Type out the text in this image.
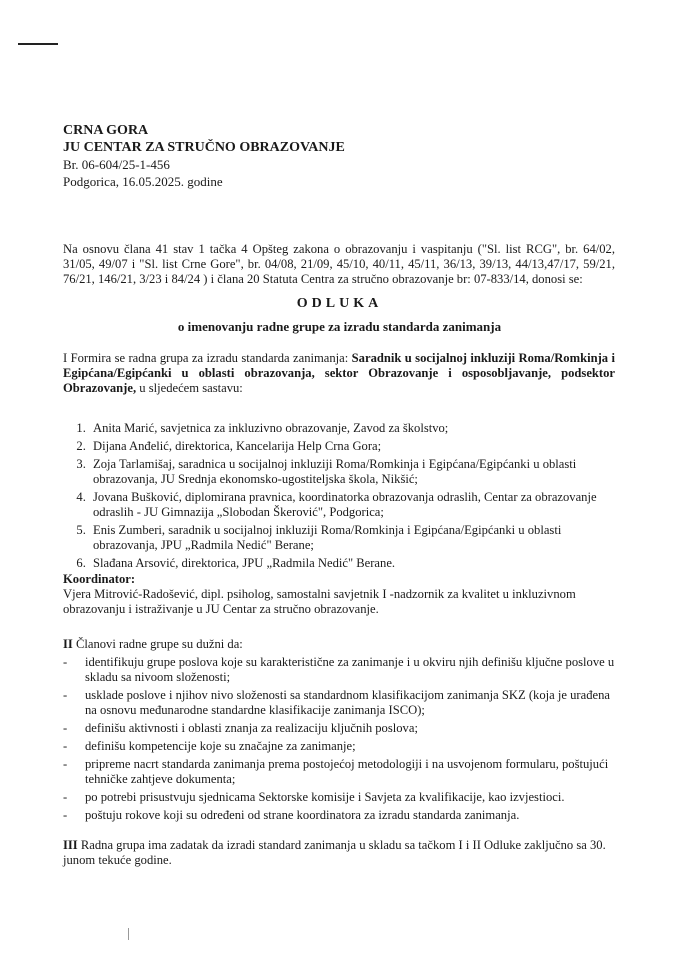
CRNA GORA
JU CENTAR ZA STRUČNO OBRAZOVANJE
Br. 06-604/25-1-456
Podgorica, 16.05.2025. godine
Na osnovu člana 41 stav 1 tačka 4 Opšteg zakona o obrazovanju i vaspitanju ("Sl. list RCG", br. 64/02, 31/05, 49/07 i "Sl. list Crne Gore", br. 04/08, 21/09, 45/10, 40/11, 45/11, 36/13, 39/13, 44/13,47/17, 59/21, 76/21, 146/21, 3/23 i 84/24 ) i člana 20 Statuta Centra za stručno obrazovanje br: 07-833/14, donosi se:
ODLUKA
o imenovanju radne grupe za izradu standarda zanimanja
I Formira se radna grupa za izradu standarda zanimanja: Saradnik u socijalnoj inkluziji Roma/Romkinja i Egipćana/Egipćanki u oblasti obrazovanja, sektor Obrazovanje i osposobljavanje, podsektor Obrazovanje, u sljedećem sastavu:
1. Anita Marić, savjetnica za inkluzivno obrazovanje, Zavod za školstvo;
2. Dijana Anđelić, direktorica, Kancelarija Help Crna Gora;
3. Zoja Tarlamišaj, saradnica u socijalnoj inkluziji Roma/Romkinja i Egipćana/Egipćanki u oblasti obrazovanja, JU Srednja ekonomsko-ugostiteljska škola, Nikšić;
4. Jovana Bušković, diplomirana pravnica, koordinatorka obrazovanja odraslih, Centar za obrazovanje odraslih - JU Gimnazija „Slobodan Škerović", Podgorica;
5. Enis Zumberi, saradnik u socijalnoj inkluziji Roma/Romkinja i Egipćana/Egipćanki u oblasti obrazovanja, JPU „Radmila Nedić" Berane;
6. Slađana Arsović, direktorica, JPU „Radmila Nedić" Berane.
Koordinator:
Vjera Mitrović-Radošević, dipl. psiholog, samostalni savjetnik I -nadzornik za kvalitet u inkluzivnom obrazovanju i istraživanje u JU Centar za stručno obrazovanje.
II Članovi radne grupe su dužni da:
- identifikuju grupe poslova koje su karakteristične za zanimanje i u okviru njih definišu ključne poslove u skladu sa nivoom složenosti;
- usklade poslove i njihov nivo složenosti sa standardnom klasifikacijom zanimanja SKZ (koja je urađena na osnovu međunarodne standardne klasifikacije zanimanja ISCO);
- definišu aktivnosti i oblasti znanja za realizaciju ključnih poslova;
- definišu kompetencije koje su značajne za zanimanje;
- pripreme nacrt standarda zanimanja prema postojećoj metodologiji i na usvojenom formularu, poštujući tehničke zahtjeve dokumenta;
- po potrebi prisustvuju sjednicama Sektorske komisije i Savjeta za kvalifikacije, kao izvjestioci.
- poštuju rokove koji su određeni od strane koordinatora za izradu standarda zanimanja.
III Radna grupa ima zadatak da izradi standard zanimanja u skladu sa tačkom I i II Odluke zaključno sa 30. junom tekuće godine.
